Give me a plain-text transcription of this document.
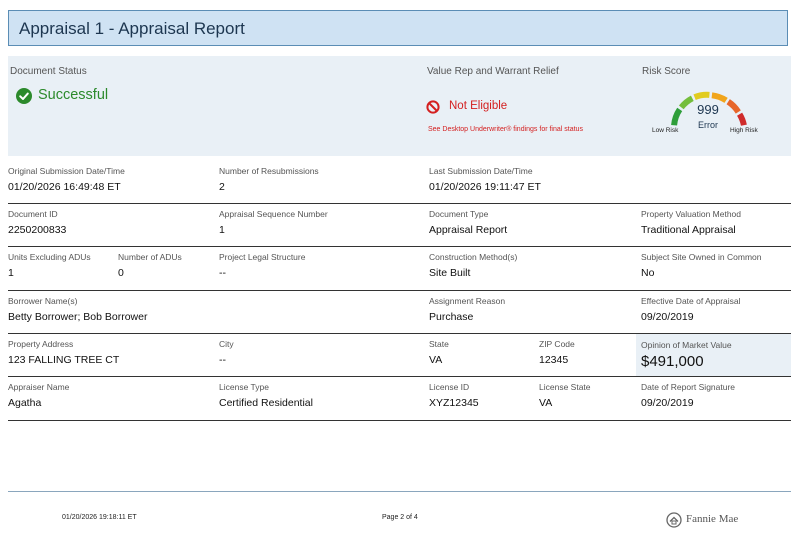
Appraisal 1 - Appraisal Report
Document Status
Successful
Value Rep and Warrant Relief
Not Eligible
See Desktop Underwriter® findings for final status
Risk Score
999
Error
Low Risk	High Risk
Original Submission Date/Time
01/20/2026 16:49:48 ET
Number of Resubmissions
2
Last Submission Date/Time
01/20/2026 19:11:47 ET
Document ID
2250200833
Appraisal Sequence Number
1
Document Type
Appraisal Report
Property Valuation Method
Traditional Appraisal
Units Excluding ADUs
1
Number of ADUs
0
Project Legal Structure
--
Construction Method(s)
Site Built
Subject Site Owned in Common
No
Borrower Name(s)
Betty Borrower; Bob Borrower
Assignment Reason
Purchase
Effective Date of Appraisal
09/20/2019
Property Address
123 FALLING TREE CT
City
--
State
VA
ZIP Code
12345
Opinion of Market Value
$491,000
Appraiser Name
Agatha
License Type
Certified Residential
License ID
XYZ12345
License State
VA
Date of Report Signature
09/20/2019
01/20/2026 19:18:11 ET	Page 2 of 4	Fannie Mae
